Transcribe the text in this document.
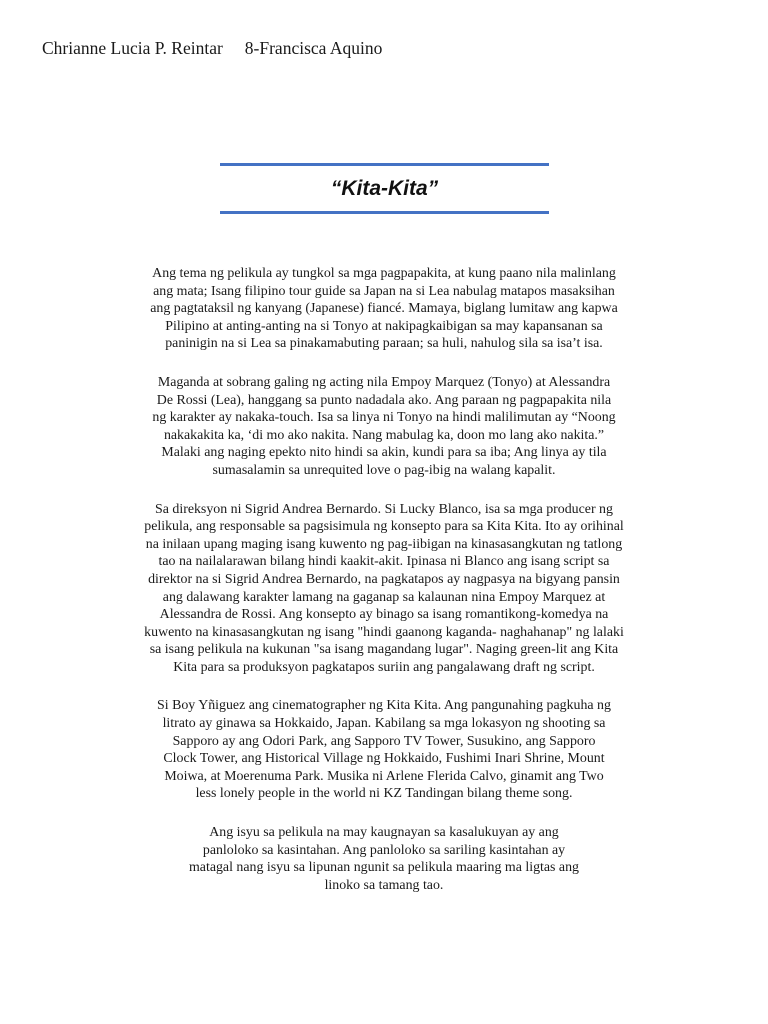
Chrianne Lucia P. Reintar 8-Francisca Aquino
“Kita-Kita”

Ang tema ng pelikula ay tungkol sa mga pagpapakita, at kung paano nila malinlang
ang mata; Isang filipino tour guide sa Japan na si Lea nabulag matapos masaksihan
ang pagtataksil ng kanyang (Japanese) fiancé. Mamaya, biglang lumitaw ang kapwa
Pilipino at anting-anting na si Tonyo at nakipagkaibigan sa may kapansanan sa
paninigin na si Lea sa pinakamabuting paraan; sa huli, nahulog sila sa isa’t isa.

Maganda at sobrang galing ng acting nila Empoy Marquez (Tonyo) at Alessandra
De Rossi (Lea), hanggang sa punto nadadala ako. Ang paraan ng pagpapakita nila
ng karakter ay nakaka-touch. Isa sa linya ni Tonyo na hindi malilimutan ay “Noong
nakakakita ka, ‘di mo ako nakita. Nang mabulag ka, doon mo lang ako nakita.”
Malaki ang naging epekto nito hindi sa akin, kundi para sa iba; Ang linya ay tila
sumasalamin sa unrequited love o pag-ibig na walang kapalit.

Sa direksyon ni Sigrid Andrea Bernardo. Si Lucky Blanco, isa sa mga producer ng
pelikula, ang responsable sa pagsisimula ng konsepto para sa Kita Kita. Ito ay orihinal
na inilaan upang maging isang kuwento ng pag-iibigan na kinasasangkutan ng tatlong
tao na nailalarawan bilang hindi kaakit-akit. Ipinasa ni Blanco ang isang script sa
direktor na si Sigrid Andrea Bernardo, na pagkatapos ay nagpasya na bigyang pansin
ang dalawang karakter lamang na gaganap sa kalaunan nina Empoy Marquez at
Alessandra de Rossi. Ang konsepto ay binago sa isang romantikong-komedya na
kuwento na kinasasangkutan ng isang "hindi gaanong kaganda- naghahanap" ng lalaki
sa isang pelikula na kukunan "sa isang magandang lugar". Naging green-lit ang Kita
Kita para sa produksyon pagkatapos suriin ang pangalawang draft ng script.

Si Boy Yñiguez ang cinematographer ng Kita Kita. Ang pangunahing pagkuha ng
litrato ay ginawa sa Hokkaido, Japan. Kabilang sa mga lokasyon ng shooting sa
Sapporo ay ang Odori Park, ang Sapporo TV Tower, Susukino, ang Sapporo
Clock Tower, ang Historical Village ng Hokkaido, Fushimi Inari Shrine, Mount
Moiwa, at Moerenuma Park. Musika ni Arlene Flerida Calvo, ginamit ang Two
less lonely people in the world ni KZ Tandingan bilang theme song.

Ang isyu sa pelikula na may kaugnayan sa kasalukuyan ay ang
panloloko sa kasintahan. Ang panloloko sa sariling kasintahan ay
matagal nang isyu sa lipunan ngunit sa pelikula maaring ma ligtas ang
linoko sa tamang tao.
